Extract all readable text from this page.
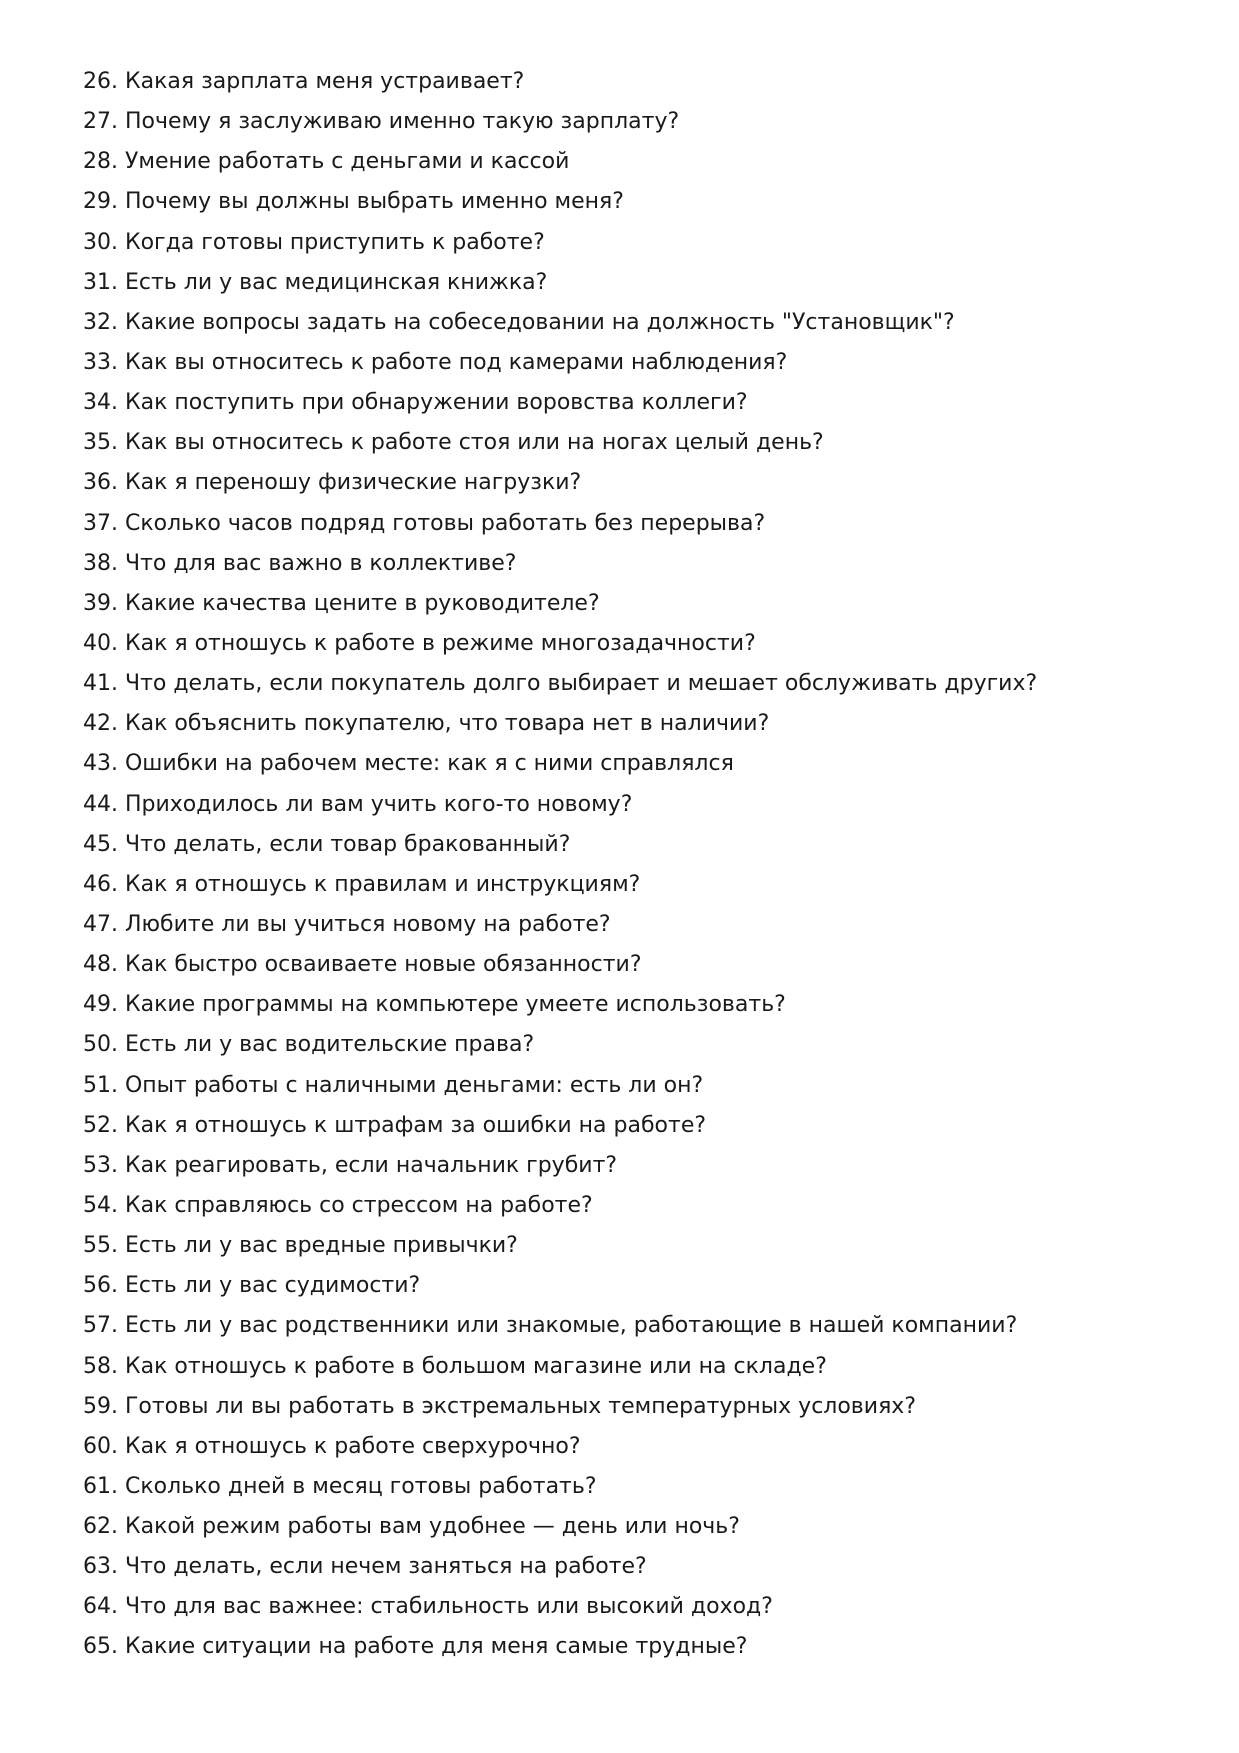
26. Какая зарплата меня устраивает?
27. Почему я заслуживаю именно такую зарплату?
28. Умение работать с деньгами и кассой
29. Почему вы должны выбрать именно меня?
30. Когда готовы приступить к работе?
31. Есть ли у вас медицинская книжка?
32. Какие вопросы задать на собеседовании на должность "Установщик"?
33. Как вы относитесь к работе под камерами наблюдения?
34. Как поступить при обнаружении воровства коллеги?
35. Как вы относитесь к работе стоя или на ногах целый день?
36. Как я переношу физические нагрузки?
37. Сколько часов подряд готовы работать без перерыва?
38. Что для вас важно в коллективе?
39. Какие качества цените в руководителе?
40. Как я отношусь к работе в режиме многозадачности?
41. Что делать, если покупатель долго выбирает и мешает обслуживать других?
42. Как объяснить покупателю, что товара нет в наличии?
43. Ошибки на рабочем месте: как я с ними справлялся
44. Приходилось ли вам учить кого-то новому?
45. Что делать, если товар бракованный?
46. Как я отношусь к правилам и инструкциям?
47. Любите ли вы учиться новому на работе?
48. Как быстро осваиваете новые обязанности?
49. Какие программы на компьютере умеете использовать?
50. Есть ли у вас водительские права?
51. Опыт работы с наличными деньгами: есть ли он?
52. Как я отношусь к штрафам за ошибки на работе?
53. Как реагировать, если начальник грубит?
54. Как справляюсь со стрессом на работе?
55. Есть ли у вас вредные привычки?
56. Есть ли у вас судимости?
57. Есть ли у вас родственники или знакомые, работающие в нашей компании?
58. Как отношусь к работе в большом магазине или на складе?
59. Готовы ли вы работать в экстремальных температурных условиях?
60. Как я отношусь к работе сверхурочно?
61. Сколько дней в месяц готовы работать?
62. Какой режим работы вам удобнее — день или ночь?
63. Что делать, если нечем заняться на работе?
64. Что для вас важнее: стабильность или высокий доход?
65. Какие ситуации на работе для меня самые трудные?
